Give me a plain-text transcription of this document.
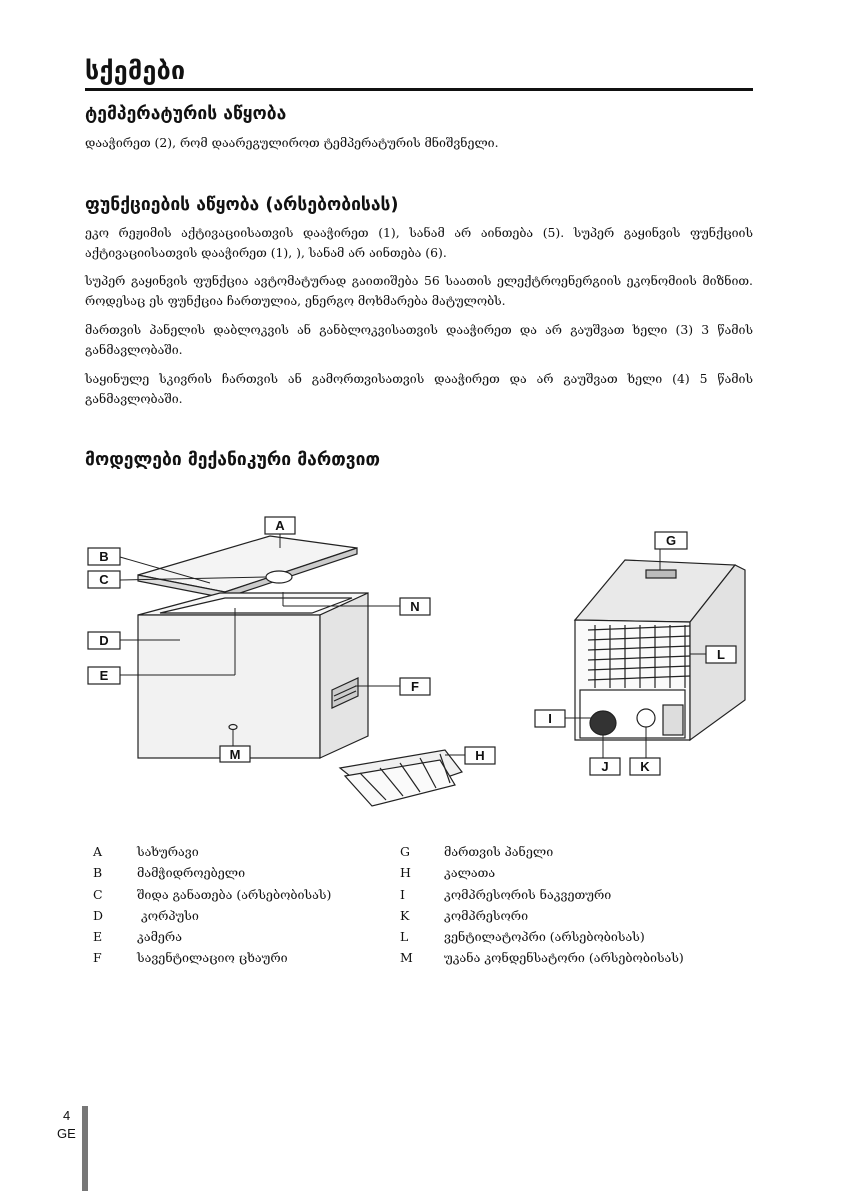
სქემები
ტემპერატურის აწყობა
დააჭირეთ (2), რომ დაარეგულიროთ ტემპერატურის მნიშვნელი.
ფუნქციების აწყობა (არსებობისას)
ეკო რეჟიმის აქტივაციისათვის დააჭირეთ (1), სანამ არ აინთება (5). სუპერ გაყინვის ფუნქციის აქტივაციისათვის დააჭირეთ (1), ), სანამ არ აინთება (6).
სუპერ გაყინვის ფუნქცია ავტომატურად გაითიშება 56 საათის ელექტროენერგიის ეკონომიის მიზნით. როდესაც ეს ფუნქცია ჩართულია, ენერგო მოხმარება მატულობს.
მართვის პანელის დაბლოკვის ან განბლოკვისათვის დააჭირეთ და არ გაუშვათ ხელი (3) 3 წამის განმავლობაში.
საყინულე სკივრის ჩართვის ან გამორთვისათვის დააჭირეთ და არ გაუშვათ ხელი (4) 5 წამის განმავლობაში.
მოდელები მექანიკური მართვით
A
B
C
D
E
F
M
N
H
G
L
I
J K
A	სახურავი
B	მამჭიდროებელი
C	შიდა განათება (არსებობისას)
D	კორპუსი
E	კამერა
F	სავენტილაციო ცხაური
G	მართვის პანელი
H	კალათა
I	კომპრესორის ნაკვეთური
K	კომპრესორი
L	ვენტილატოპრი (არსებობისას)
M	უკანა კონდენსატორი (არსებობისას)
4
GE
